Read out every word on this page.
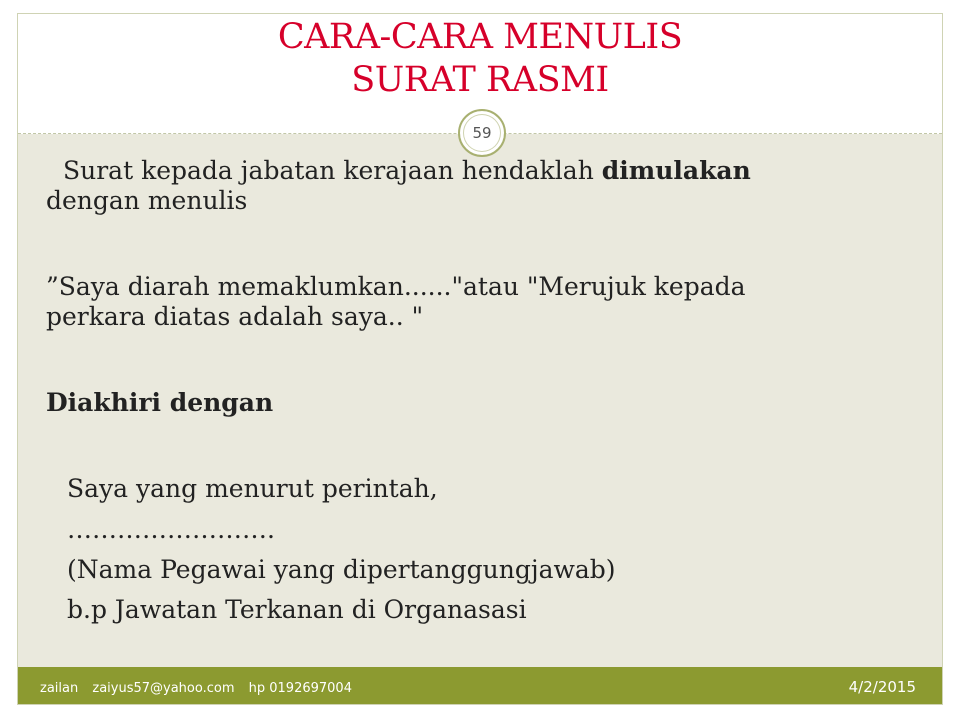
CARA-CARA MENULIS
SURAT RASMI
59
Surat kepada jabatan kerajaan hendaklah dimulakan
dengan menulis
”Saya diarah memaklumkan......"atau "Merujuk kepada
perkara diatas adalah saya.. "
Diakhiri dengan
Saya yang menurut perintah,
…………………….
(Nama Pegawai yang dipertanggungjawab)
b.p Jawatan Terkanan di Organasasi
zailan zaiyus57@yahoo.com hp 0192697004	4/2/2015
